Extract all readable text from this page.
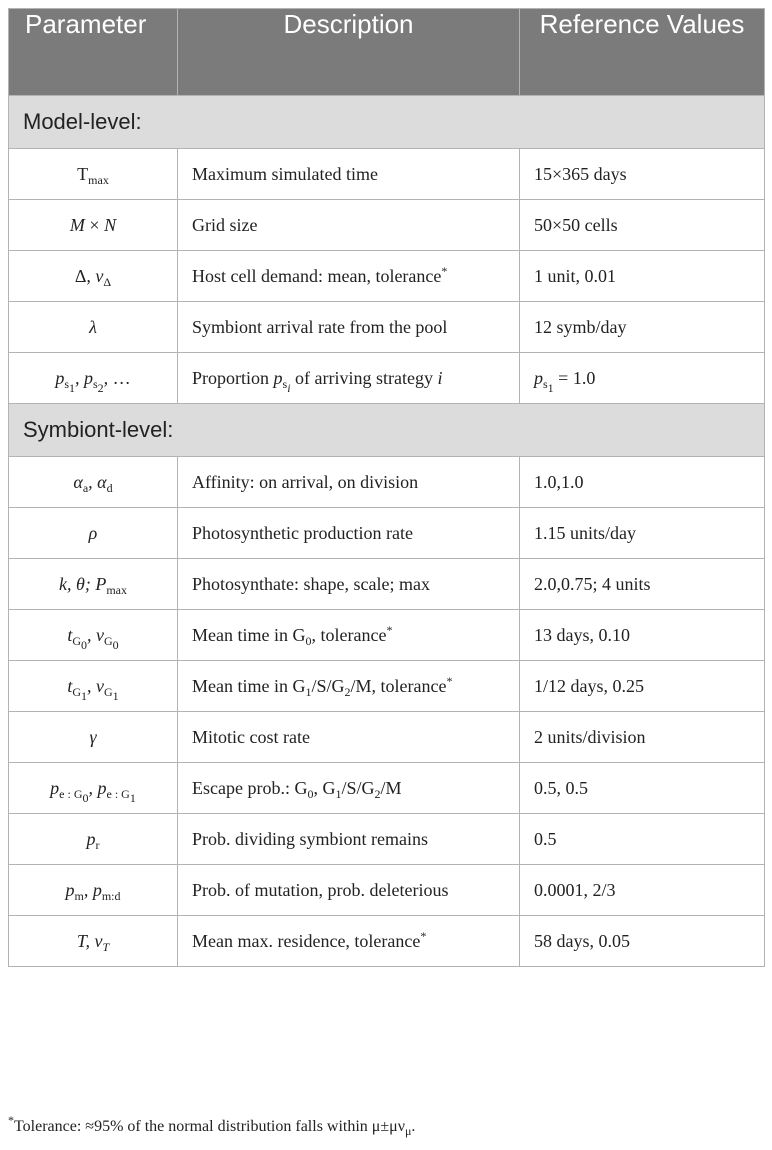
Parameter	Description	Reference Values
Model-level:		
$T_{max}$	Maximum simulated time	15×365 days
M × N	Grid size	50×50 cells
Δ, $\nu_\Delta$	Host cell demand: mean, tolerance*	1 unit, 0.01
λ	Symbiont arrival rate from the pool	12 symb/day
$p_{s_1}$, $p_{s_2}$, …	Proportion $p_{s_i}$ of arriving strategy i	$p_{s_1} = 1.0$
Symbiont-level:		
$\alpha_a$, $\alpha_d$	Affinity: on arrival, on division	1.0,1.0
ρ	Photosynthetic production rate	1.15 units/day
k, θ; $P_{max}$	Photosynthate: shape, scale; max	2.0,0.75; 4 units
$t_{G_0}$, $\nu_{G_0}$	Mean time in $G_0$, tolerance*	13 days, 0.10
$t_{G_1}$, $\nu_{G_1}$	Mean time in $G_1/S/G_2/M$, tolerance*	1/12 days, 0.25
γ	Mitotic cost rate	2 units/division
$p_{e : G_0}$, $p_{e : G_1}$	Escape prob.: $G_0$, $G_1/S/G_2/M$	0.5, 0.5
$p_r$	Prob. dividing symbiont remains	0.5
$p_m$, $p_{m:d}$	Prob. of mutation, prob. deleterious	0.0001, 2/3
T, $\nu_T$	Mean max. residence, tolerance*	58 days, 0.05
*Tolerance: ≈95% of the normal distribution falls within $\mu\pm\mu\nu_\mu$.
